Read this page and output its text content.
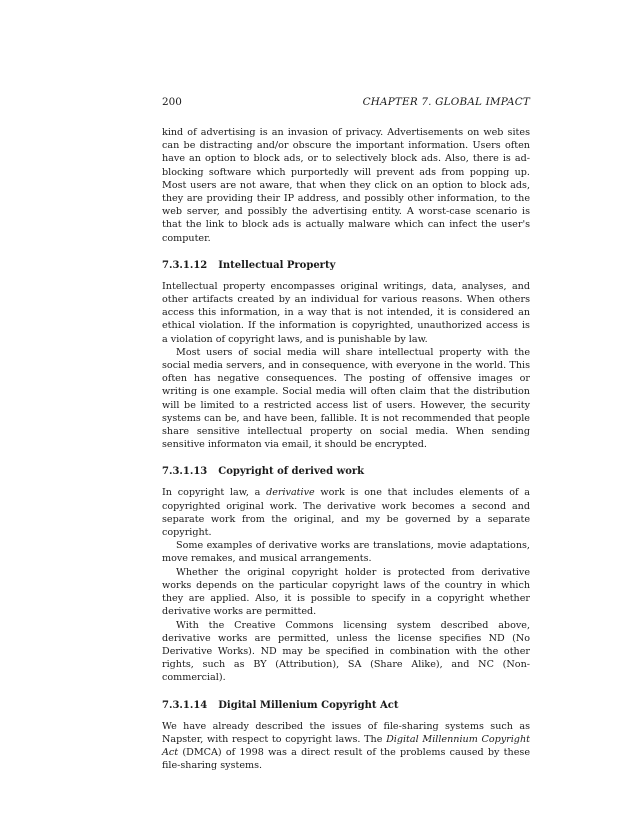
200	CHAPTER 7. GLOBAL IMPACT

kind of advertising is an invasion of privacy. Advertisements on web sites can be distracting and/or obscure the important information. Users often have an option to block ads, or to selectively block ads. Also, there is ad-blocking software which purportedly will prevent ads from popping up. Most users are not aware, that when they click on an option to block ads, they are providing their IP address, and possibly other information, to the web server, and possibly the advertising entity. A worst-case scenario is that the link to block ads is actually malware which can infect the user's computer.

7.3.1.12 Intellectual Property

Intellectual property encompasses original writings, data, analyses, and other artifacts created by an individual for various reasons. When others access this information, in a way that is not intended, it is considered an ethical violation. If the information is copyrighted, unauthorized access is a violation of copyright laws, and is punishable by law.

Most users of social media will share intellectual property with the social media servers, and in consequence, with everyone in the world. This often has negative consequences. The posting of offensive images or writing is one example. Social media will often claim that the distribution will be limited to a restricted access list of users. However, the security systems can be, and have been, fallible. It is not recommended that people share sensitive intellectual property on social media. When sending sensitive informaton via email, it should be encrypted.

7.3.1.13 Copyright of derived work

In copyright law, a derivative work is one that includes elements of a copyrighted original work. The derivative work becomes a second and separate work from the original, and my be governed by a separate copyright.

Some examples of derivative works are translations, movie adaptations, move remakes, and musical arrangements.

Whether the original copyright holder is protected from derivative works depends on the particular copyright laws of the country in which they are applied. Also, it is possible to specify in a copyright whether derivative works are permitted.

With the Creative Commons licensing system described above, derivative works are permitted, unless the license specifies ND (No Derivative Works). ND may be specified in combination with the other rights, such as BY (Attribution), SA (Share Alike), and NC (Non-commercial).

7.3.1.14 Digital Millenium Copyright Act

We have already described the issues of file-sharing systems such as Napster, with respect to copyright laws. The Digital Millennium Copyright Act (DMCA) of 1998 was a direct result of the problems caused by these file-sharing systems.
